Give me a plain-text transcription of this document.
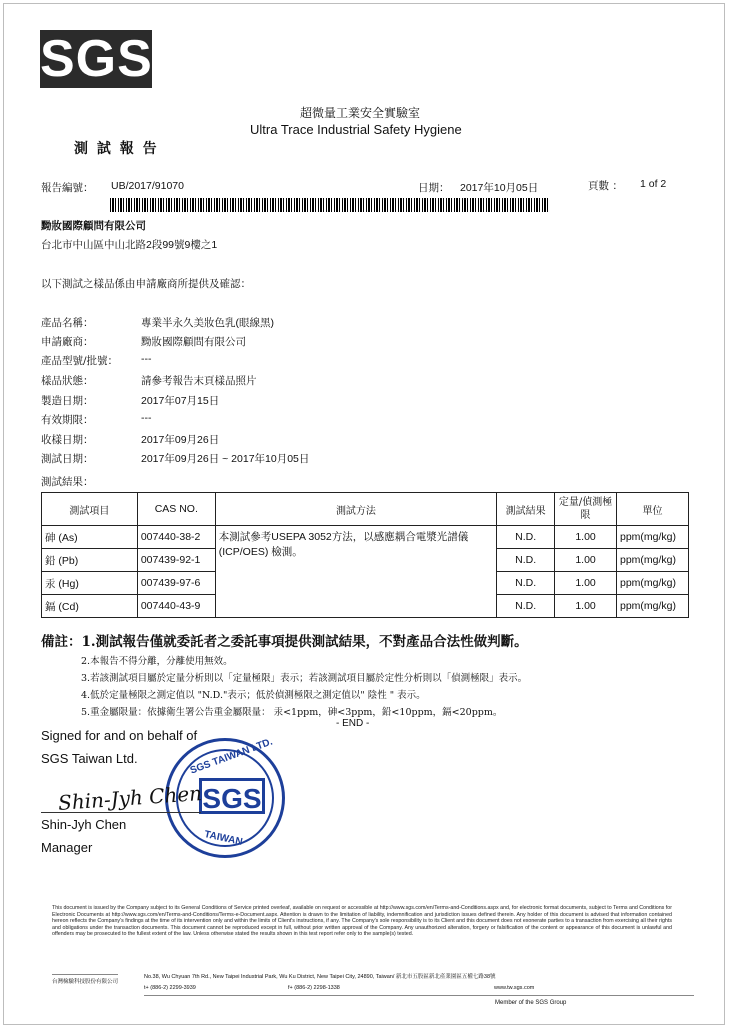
SGS
超微量工業安全實驗室
Ultra Trace Industrial Safety Hygiene
測 試 報 告
報告編號： UB/2017/91070	日期： 2017年10月05日	頁數 ： 1 of 2
黝妝國際顧問有限公司
台北市中山區中山北路2段99號9樓之1
以下測試之樣品係由申請廠商所提供及確認：
產品名稱：	專業半永久美妝色乳(眼線黑)
申請廠商：	黝妝國際顧問有限公司
產品型號/批號： ---
樣品狀態：	請參考報告末頁樣品照片
製造日期：	2017年07月15日
有效期限：	---
收樣日期：	2017年09月26日
測試日期：	2017年09月26日 ~ 2017年10月05日
測試結果：
測試項目	CAS NO.	測試方法	測試結果	定量/偵測極限	單位
砷 (As)	007440-38-2	本測試參考USEPA 3052方法，以感應耦合電漿光譜儀(ICP/OES) 檢測。	N.D.	1.00	ppm(mg/kg)
鉛 (Pb)	007439-92-1		N.D.	1.00	ppm(mg/kg)
汞 (Hg)	007439-97-6		N.D.	1.00	ppm(mg/kg)
鎘 (Cd)	007440-43-9		N.D.	1.00	ppm(mg/kg)
備註：1.測試報告僅就委託者之委託事項提供測試結果，不對產品合法性做判斷。
2.本報告不得分離，分離使用無效。
3.若該測試項目屬於定量分析則以「定量極限」表示；若該測試項目屬於定性分析則以「偵測極限」表示。
4.低於定量極限之測定值以 "N.D."表示；低於偵測極限之測定值以" 陰性 " 表示。
5.重金屬限量：依據衛生署公告重金屬限量： 汞<1ppm，砷<3ppm，鉛<10ppm，鎘<20ppm。
- END -
Signed for and on behalf of
SGS Taiwan Ltd.	SGS TAIWAN LTD.
SGS
TAIWAN
Shin-Jyh Chen
Shin-Jyh Chen
Manager
This document is issued by the Company subject to its General Conditions of Service printed overleaf, available on request or accessible at http://www.sgs.com/en/Terms-and-Conditions.aspx and, for electronic format documents, subject to Terms and Conditions for Electronic Documents at http://www.sgs.com/en/Terms-and-Conditions/Terms-e-Document.aspx. Attention is drawn to the limitation of liability, indemnification and jurisdiction issues defined therein. Any holder of this document is advised that information contained hereon reflects the Company's findings at the time of its intervention only and within the limits of Client's instructions, if any. The Company's sole responsibility is to its Client and this document does not exonerate parties to a transaction from exercising all their rights and obligations under the transaction documents. This document cannot be reproduced except in full, without prior written approval of the Company. Any unauthorized alteration, forgery or falsification of the content or appearance of this document is unlawful and offenders may be prosecuted to the fullest extent of the law. Unless otherwise stated the results shown in this test report refer only to the sample(s) tested.
台灣檢驗科技股份有限公司
No.38, Wu Chyuan 7th Rd., New Taipei Industrial Park, Wu Ku District, New Taipei City, 24890, Taiwan/ 新北市五股區新北產業園區五權七路38號
t+ (886-2) 2299-3939	f+ (886-2) 2298-1338	www.tw.sgs.com
Member of the SGS Group
